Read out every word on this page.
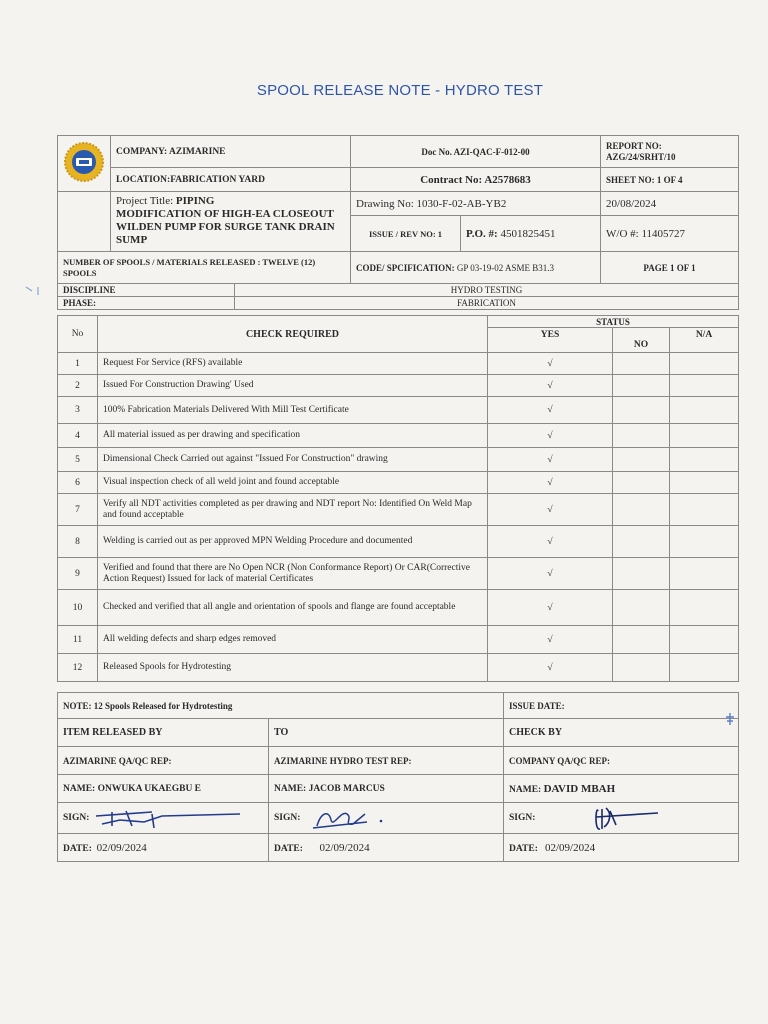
SPOOL RELEASE NOTE - HYDRO TEST
	COMPANY: AZIMARINE		Doc No. AZI-QAC-F-012-00		REPORT NO:
AZG/24/SRHT/10

	LOCATION:FABRICATION YARD		Contract No: A2578683		SHEET NO: 1 OF 4
	Project Title: PIPING
MODIFICATION OF HIGH-EA CLOSEOUT WILDEN PUMP FOR SURGE TANK DRAIN SUMP		Drawing No: 1030-F-02-AB-YB2		20/08/2024
			ISSUE / REV NO: 1	P.O. #: 4501825451	W/O #: 11405727
NUMBER OF SPOOLS / MATERIALS RELEASED : TWELVE (12) SPOOLS			CODE/ SPCIFICATION: GP 03-19-02 ASME B31.3		PAGE 1 OF 1
DISCIPLINE		HYDRO TESTING			
PHASE:		FABRICATION			
No	CHECK REQUIRED	STATUS		
		YES	NO	N/A
1	Request For Service (RFS) available	√		
2	Issued For Construction Drawing' Used	√		
3	100% Fabrication Materials Delivered With Mill Test Certificate	√		
4	All material issued as per drawing and specification	√		
5	Dimensional Check Carried out against "Issued For Construction" drawing	√		
6	Visual inspection check of all weld joint and found acceptable	√		
7	Verify all NDT activities completed as per drawing and NDT report No: Identified On Weld Map and found acceptable	√		
8	Welding is carried out as per approved MPN Welding Procedure and documented	√		
9	Verified and found that there are No Open NCR (Non Conformance Report) Or CAR(Corrective Action Request) Issued for lack of material Certificates	√		
10	Checked and verified that all angle and orientation of spools and flange are found acceptable	√		
11	All welding defects and sharp edges removed	√		
12	Released Spools for Hydrotesting	√		
NOTE: 12 Spools Released for Hydrotesting		ISSUE DATE:
ITEM RELEASED BY	TO	CHECK BY
AZIMARINE QA/QC REP:	AZIMARINE HYDRO TEST REP:	COMPANY QA/QC REP:
NAME: ONWUKA UKAEGBU E	NAME: JACOB MARCUS	NAME: DAVID MBAH
SIGN:	SIGN:	SIGN:
DATE: 02/09/2024	DATE: 02/09/2024	DATE: 02/09/2024
